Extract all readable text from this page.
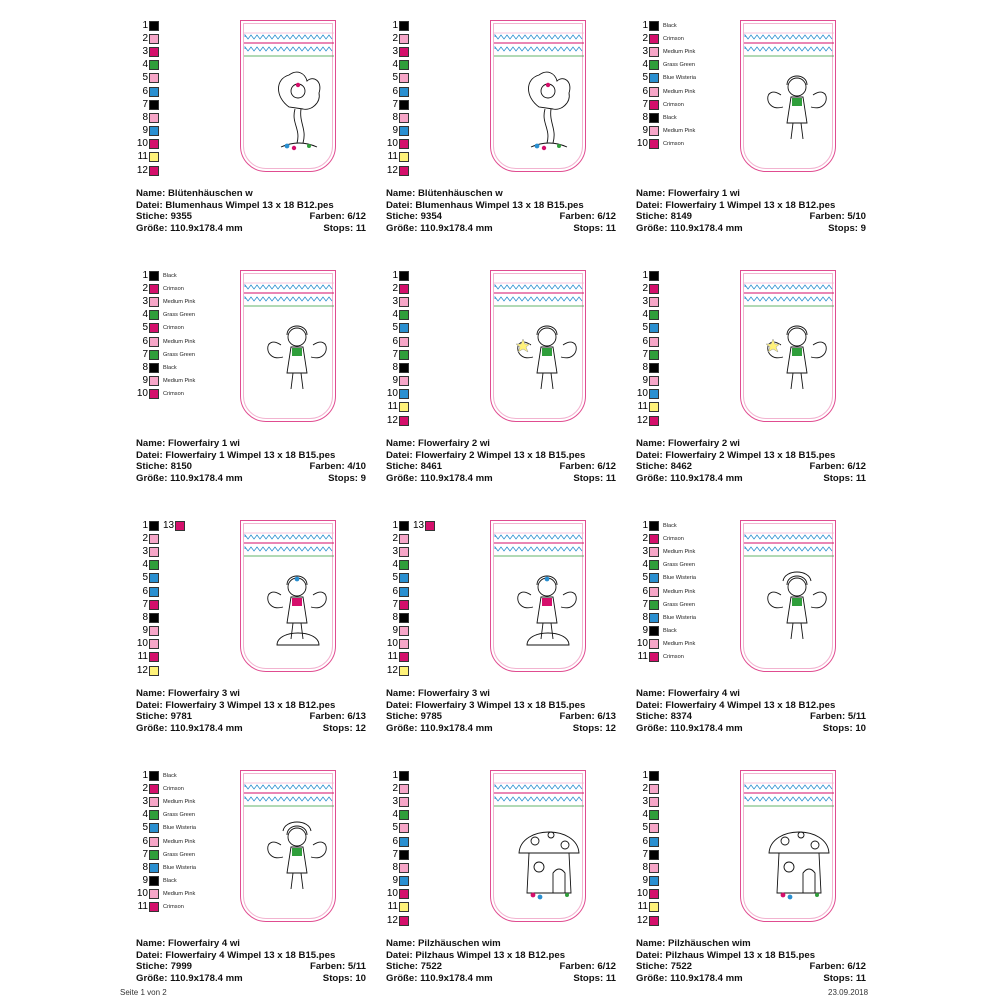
1
2
3
4
5
6
7
8
9
10
11
12
Name: Blütenhäuschen w
Datei: Blumenhaus Wimpel 13 x 18 B12.pes
Stiche: 9355	Farben: 6/12
Größe: 110.9x178.4 mm	Stops: 11
1
2
3
4
5
6
7
8
9
10
11
12
Name: Blütenhäuschen w
Datei: Blumenhaus Wimpel 13 x 18 B15.pes
Stiche: 9354	Farben: 6/12
Größe: 110.9x178.4 mm	Stops: 11
1	Black
2	Crimson
3	Medium Pink
4	Grass Green
5	Blue Wisteria
6	Medium Pink
7	Crimson
8	Black
9	Medium Pink
10	Crimson
Name: Flowerfairy 1 wi
Datei: Flowerfairy 1 Wimpel 13 x 18 B12.pes
Stiche: 8149	Farben: 5/10
Größe: 110.9x178.4 mm	Stops: 9
1	Black
2	Crimson
3	Medium Pink
4	Grass Green
5	Crimson
6	Medium Pink
7	Grass Green
8	Black
9	Medium Pink
10	Crimson
Name: Flowerfairy 1 wi
Datei: Flowerfairy 1 Wimpel 13 x 18 B15.pes
Stiche: 8150	Farben: 4/10
Größe: 110.9x178.4 mm	Stops: 9
1
2
3
4
5
6
7
8
9
10
11
12
Name: Flowerfairy 2 wi
Datei: Flowerfairy 2 Wimpel 13 x 18 B15.pes
Stiche: 8461	Farben: 6/12
Größe: 110.9x178.4 mm	Stops: 11
1
2
3
4
5
6
7
8
9
10
11
12
Name: Flowerfairy 2 wi
Datei: Flowerfairy 2 Wimpel 13 x 18 B15.pes
Stiche: 8462	Farben: 6/12
Größe: 110.9x178.4 mm	Stops: 11
1 13
2
3
4
5
6
7
8
9
10
11
12
Name: Flowerfairy 3 wi
Datei: Flowerfairy 3 Wimpel 13 x 18 B12.pes
Stiche: 9781	Farben: 6/13
Größe: 110.9x178.4 mm	Stops: 12
1 13
2
3
4
5
6
7
8
9
10
11
12
Name: Flowerfairy 3 wi
Datei: Flowerfairy 3 Wimpel 13 x 18 B15.pes
Stiche: 9785	Farben: 6/13
Größe: 110.9x178.4 mm	Stops: 12
1	Black
2	Crimson
3	Medium Pink
4	Grass Green
5	Blue Wisteria
6	Medium Pink
7	Grass Green
8	Blue Wisteria
9	Black
10	Medium Pink
11	Crimson
Name: Flowerfairy 4 wi
Datei: Flowerfairy 4 Wimpel 13 x 18 B12.pes
Stiche: 8374	Farben: 5/11
Größe: 110.9x178.4 mm	Stops: 10
1	Black
2	Crimson
3	Medium Pink
4	Grass Green
5	Blue Wisteria
6	Medium Pink
7	Grass Green
8	Blue Wisteria
9	Black
10	Medium Pink
11	Crimson
Name: Flowerfairy 4 wi
Datei: Flowerfairy 4 Wimpel 13 x 18 B15.pes
Stiche: 7999	Farben: 5/11
Größe: 110.9x178.4 mm	Stops: 10
1
2
3
4
5
6
7
8
9
10
11
12
Name: Pilzhäuschen wim
Datei: Pilzhaus Wimpel 13 x 18 B12.pes
Stiche: 7522	Farben: 6/12
Größe: 110.9x178.4 mm	Stops: 11
1
2
3
4
5
6
7
8
9
10
11
12
Name: Pilzhäuschen wim
Datei: Pilzhaus Wimpel 13 x 18 B15.pes
Stiche: 7522	Farben: 6/12
Größe: 110.9x178.4 mm	Stops: 11
Seite 1 von 2	23.09.2018
